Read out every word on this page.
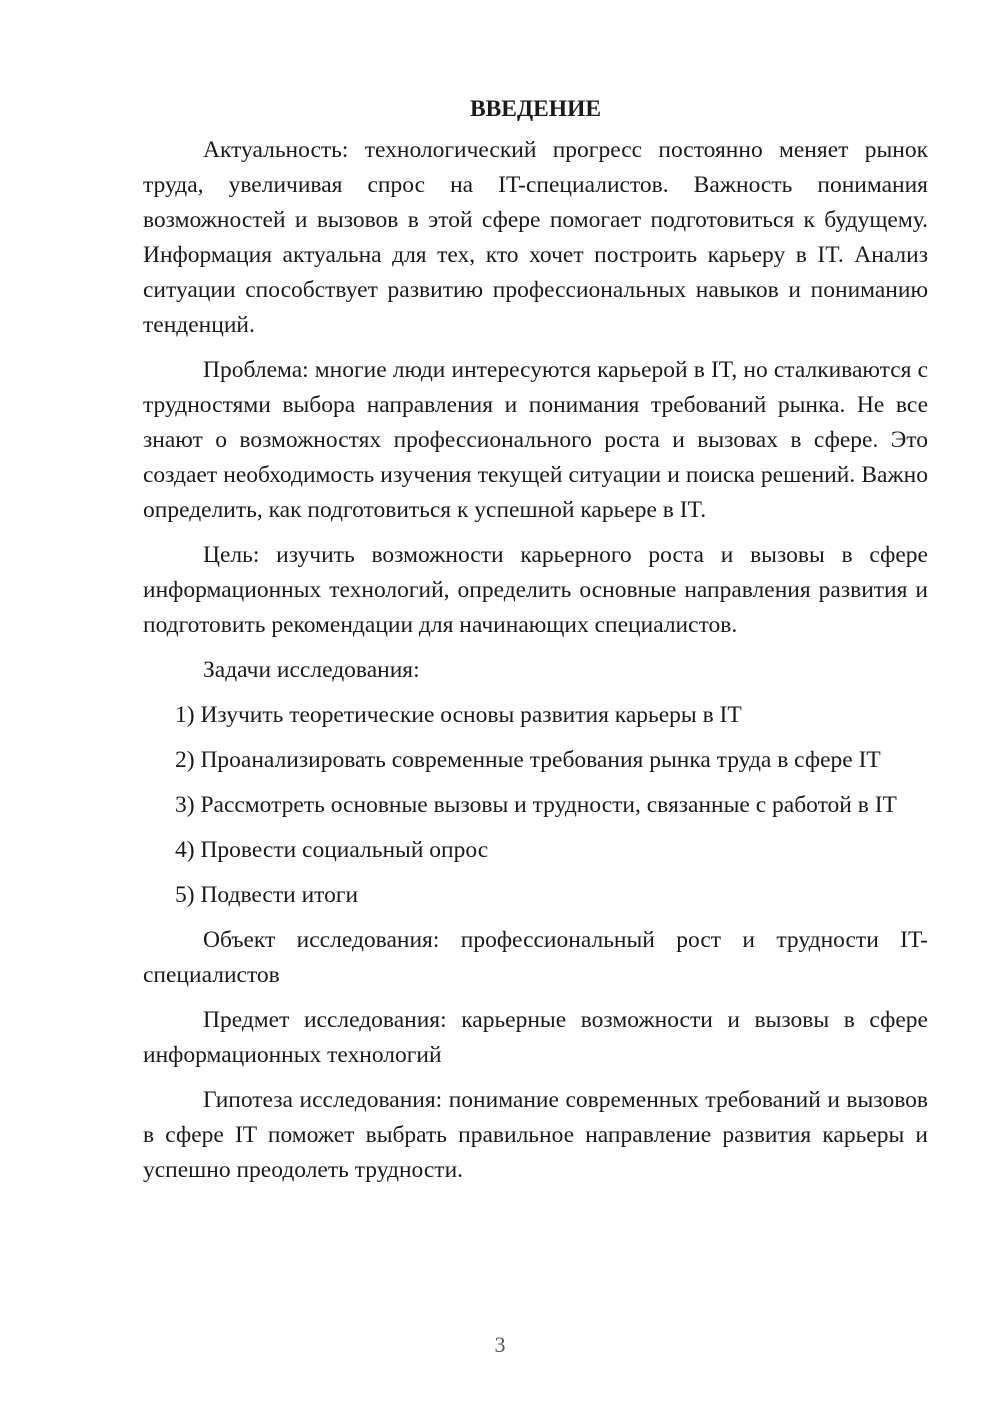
ВВЕДЕНИЕ
Актуальность: технологический прогресс постоянно меняет рынок труда, увеличивая спрос на IT-специалистов. Важность понимания возможностей и вызовов в этой сфере помогает подготовиться к будущему. Информация актуальна для тех, кто хочет построить карьеру в IT. Анализ ситуации способствует развитию профессиональных навыков и пониманию тенденций.
Проблема: многие люди интересуются карьерой в IT, но сталкиваются с трудностями выбора направления и понимания требований рынка. Не все знают о возможностях профессионального роста и вызовах в сфере. Это создает необходимость изучения текущей ситуации и поиска решений. Важно определить, как подготовиться к успешной карьере в IT.
Цель: изучить возможности карьерного роста и вызовы в сфере информационных технологий, определить основные направления развития и подготовить рекомендации для начинающих специалистов.
Задачи исследования:
1) Изучить теоретические основы развития карьеры в IT
2) Проанализировать современные требования рынка труда в сфере IT
3) Рассмотреть основные вызовы и трудности, связанные с работой в IT
4) Провести социальный опрос
5) Подвести итоги
Объект исследования: профессиональный рост и трудности IT-специалистов
Предмет исследования: карьерные возможности и вызовы в сфере информационных технологий
Гипотеза исследования: понимание современных требований и вызовов в сфере IT поможет выбрать правильное направление развития карьеры и успешно преодолеть трудности.
3
